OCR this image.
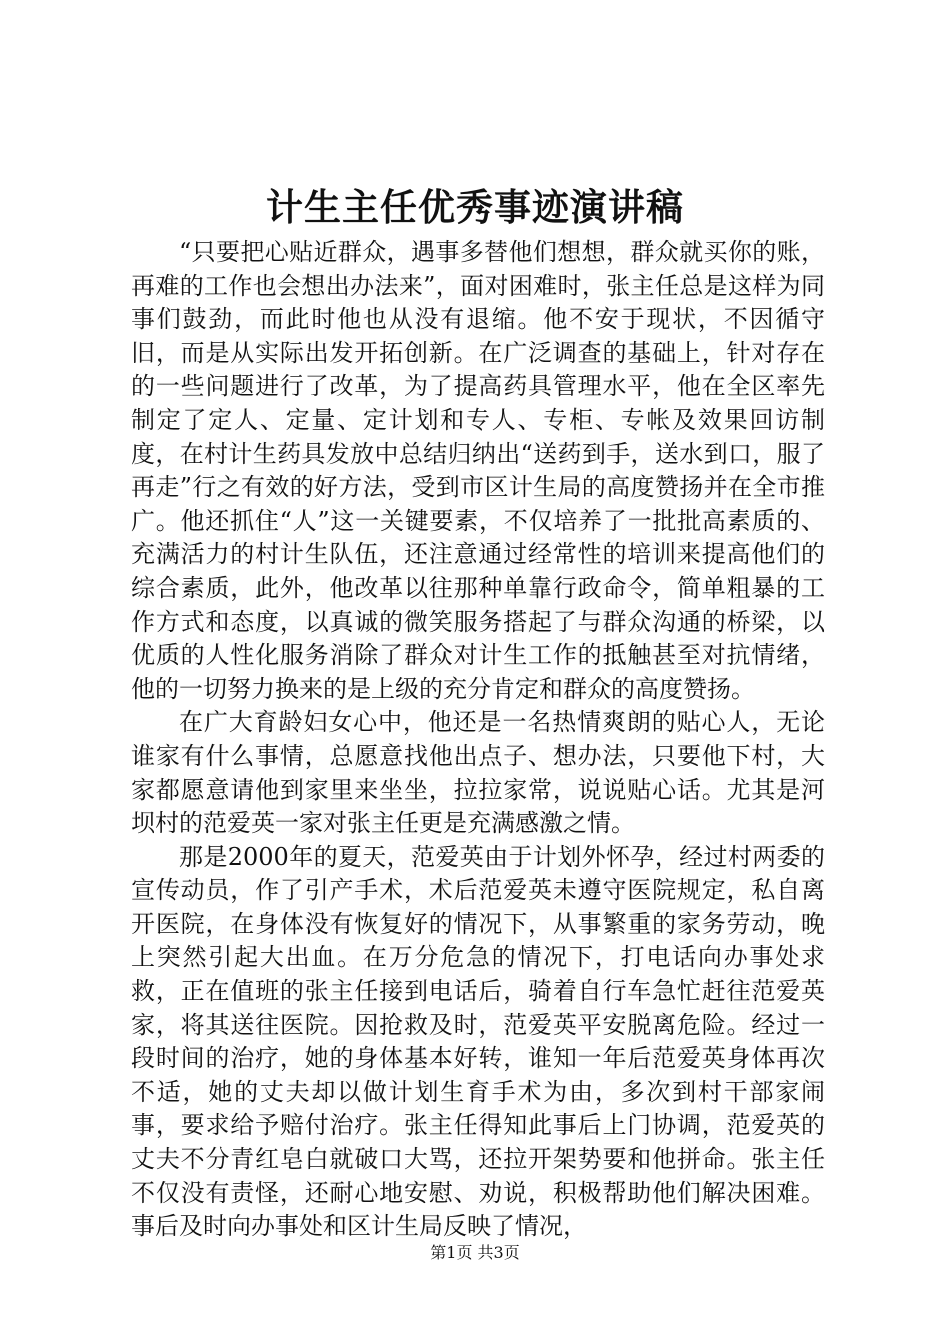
计生主任优秀事迹演讲稿

“只要把心贴近群众，遇事多替他们想想，群众就买你的账，再难的工作也会想出办法来”，面对困难时，张主任总是这样为同事们鼓劲，而此时他也从没有退缩。他不安于现状，不因循守旧，而是从实际出发开拓创新。在广泛调查的基础上，针对存在的一些问题进行了改革，为了提高药具管理水平，他在全区率先制定了定人、定量、定计划和专人、专柜、专帐及效果回访制度，在村计生药具发放中总结归纳出“送药到手，送水到口，服了再走”行之有效的好方法，受到市区计生局的高度赞扬并在全市推广。他还抓住“人”这一关键要素，不仅培养了一批批高素质的、充满活力的村计生队伍，还注意通过经常性的培训来提高他们的综合素质，此外，他改革以往那种单靠行政命令，简单粗暴的工作方式和态度，以真诚的微笑服务搭起了与群众沟通的桥梁，以优质的人性化服务消除了群众对计生工作的抵触甚至对抗情绪，他的一切努力换来的是上级的充分肯定和群众的高度赞扬。

在广大育龄妇女心中，他还是一名热情爽朗的贴心人，无论谁家有什么事情，总愿意找他出点子、想办法，只要他下村，大家都愿意请他到家里来坐坐，拉拉家常，说说贴心话。尤其是河坝村的范爱英一家对张主任更是充满感激之情。

那是2000年的夏天，范爱英由于计划外怀孕，经过村两委的宣传动员，作了引产手术，术后范爱英未遵守医院规定，私自离开医院，在身体没有恢复好的情况下，从事繁重的家务劳动，晚上突然引起大出血。在万分危急的情况下，打电话向办事处求救，正在值班的张主任接到电话后，骑着自行车急忙赶往范爱英家，将其送往医院。因抢救及时，范爱英平安脱离危险。经过一段时间的治疗，她的身体基本好转，谁知一年后范爱英身体再次不适，她的丈夫却以做计划生育手术为由，多次到村干部家闹事，要求给予赔付治疗。张主任得知此事后上门协调，范爱英的丈夫不分青红皂白就破口大骂，还拉开架势要和他拼命。张主任不仅没有责怪，还耐心地安慰、劝说，积极帮助他们解决困难。事后及时向办事处和区计生局反映了情况，

第1页 共3页
